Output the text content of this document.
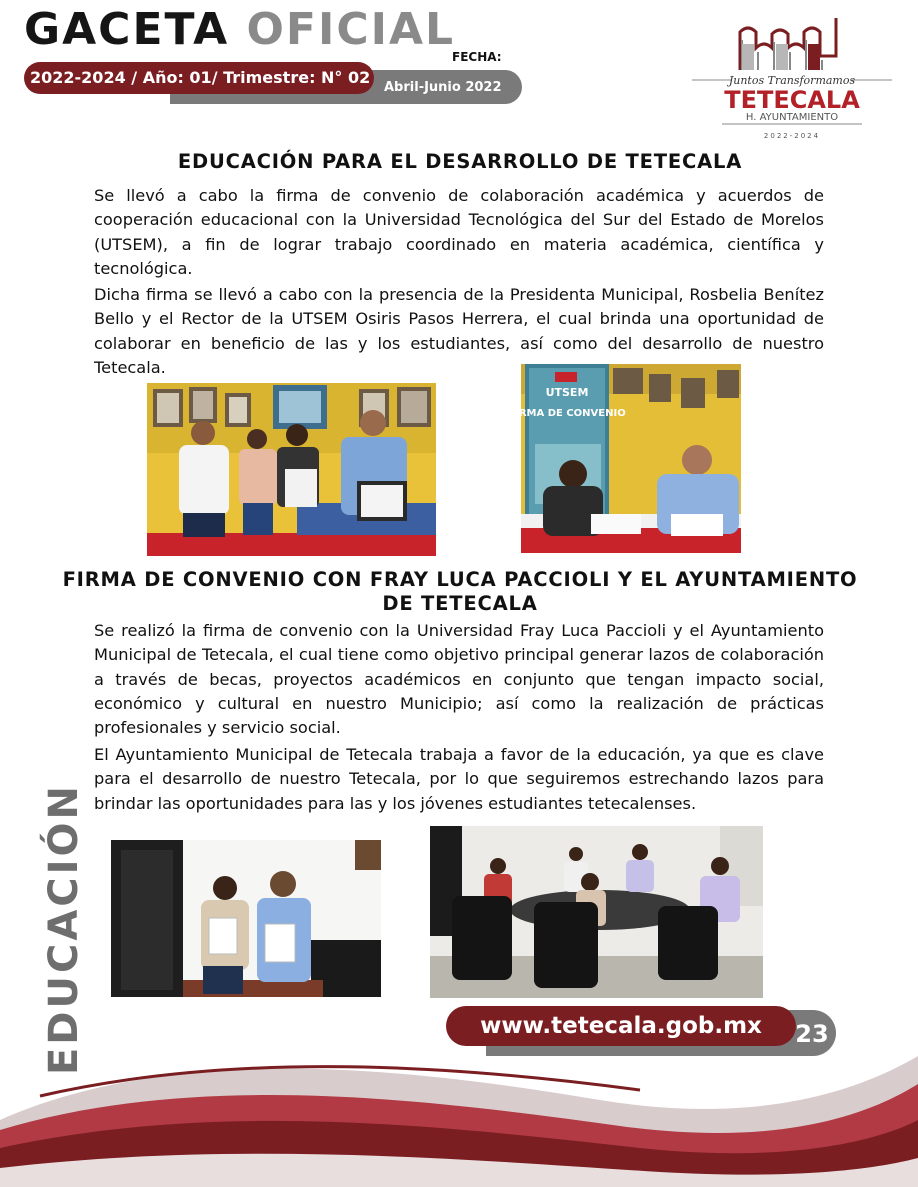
GACETA OFICIAL
2022-2024 / Año: 01/ Trimestre: N° 02
FECHA:
Abril-Junio 2022	Juntos Transformamos
TETECALA
H. AYUNTAMIENTO
2022-2024
EDUCACIÓN PARA EL DESARROLLO DE TETECALA

Se llevó a cabo la firma de convenio de colaboración académica y acuerdos de cooperación educacional con la Universidad Tecnológica del Sur del Estado de Morelos (UTSEM), a fin de lograr trabajo coordinado en materia académica, científica y tecnológica.

Dicha firma se llevó a cabo con la presencia de la Presidenta Municipal, Rosbelia Benítez Bello y el Rector de la UTSEM Osiris Pasos Herrera, el cual brinda una oportunidad de colaborar en beneficio de las y los estudiantes, así como del desarrollo de nuestro Tetecala.

UTSEM
FIRMA DE CONVENIO
FIRMA DE CONVENIO CON FRAY LUCA PACCIOLI Y EL AYUNTAMIENTO DE TETECALA

Se realizó la firma de convenio con la Universidad Fray Luca Paccioli y el Ayuntamiento Municipal de Tetecala, el cual tiene como objetivo principal generar lazos de colaboración a través de becas, proyectos académicos en conjunto que tengan impacto social, económico y cultural en nuestro Municipio; así como la realización de prácticas profesionales y servicio social.

El Ayuntamiento Municipal de Tetecala trabaja a favor de la educación, ya que es clave para el desarrollo de nuestro Tetecala, por lo que seguiremos estrechando lazos para brindar las oportunidades para las y los jóvenes estudiantes tetecalenses.

EDUCACIÓN	www.tetecala.gob.mx	23
